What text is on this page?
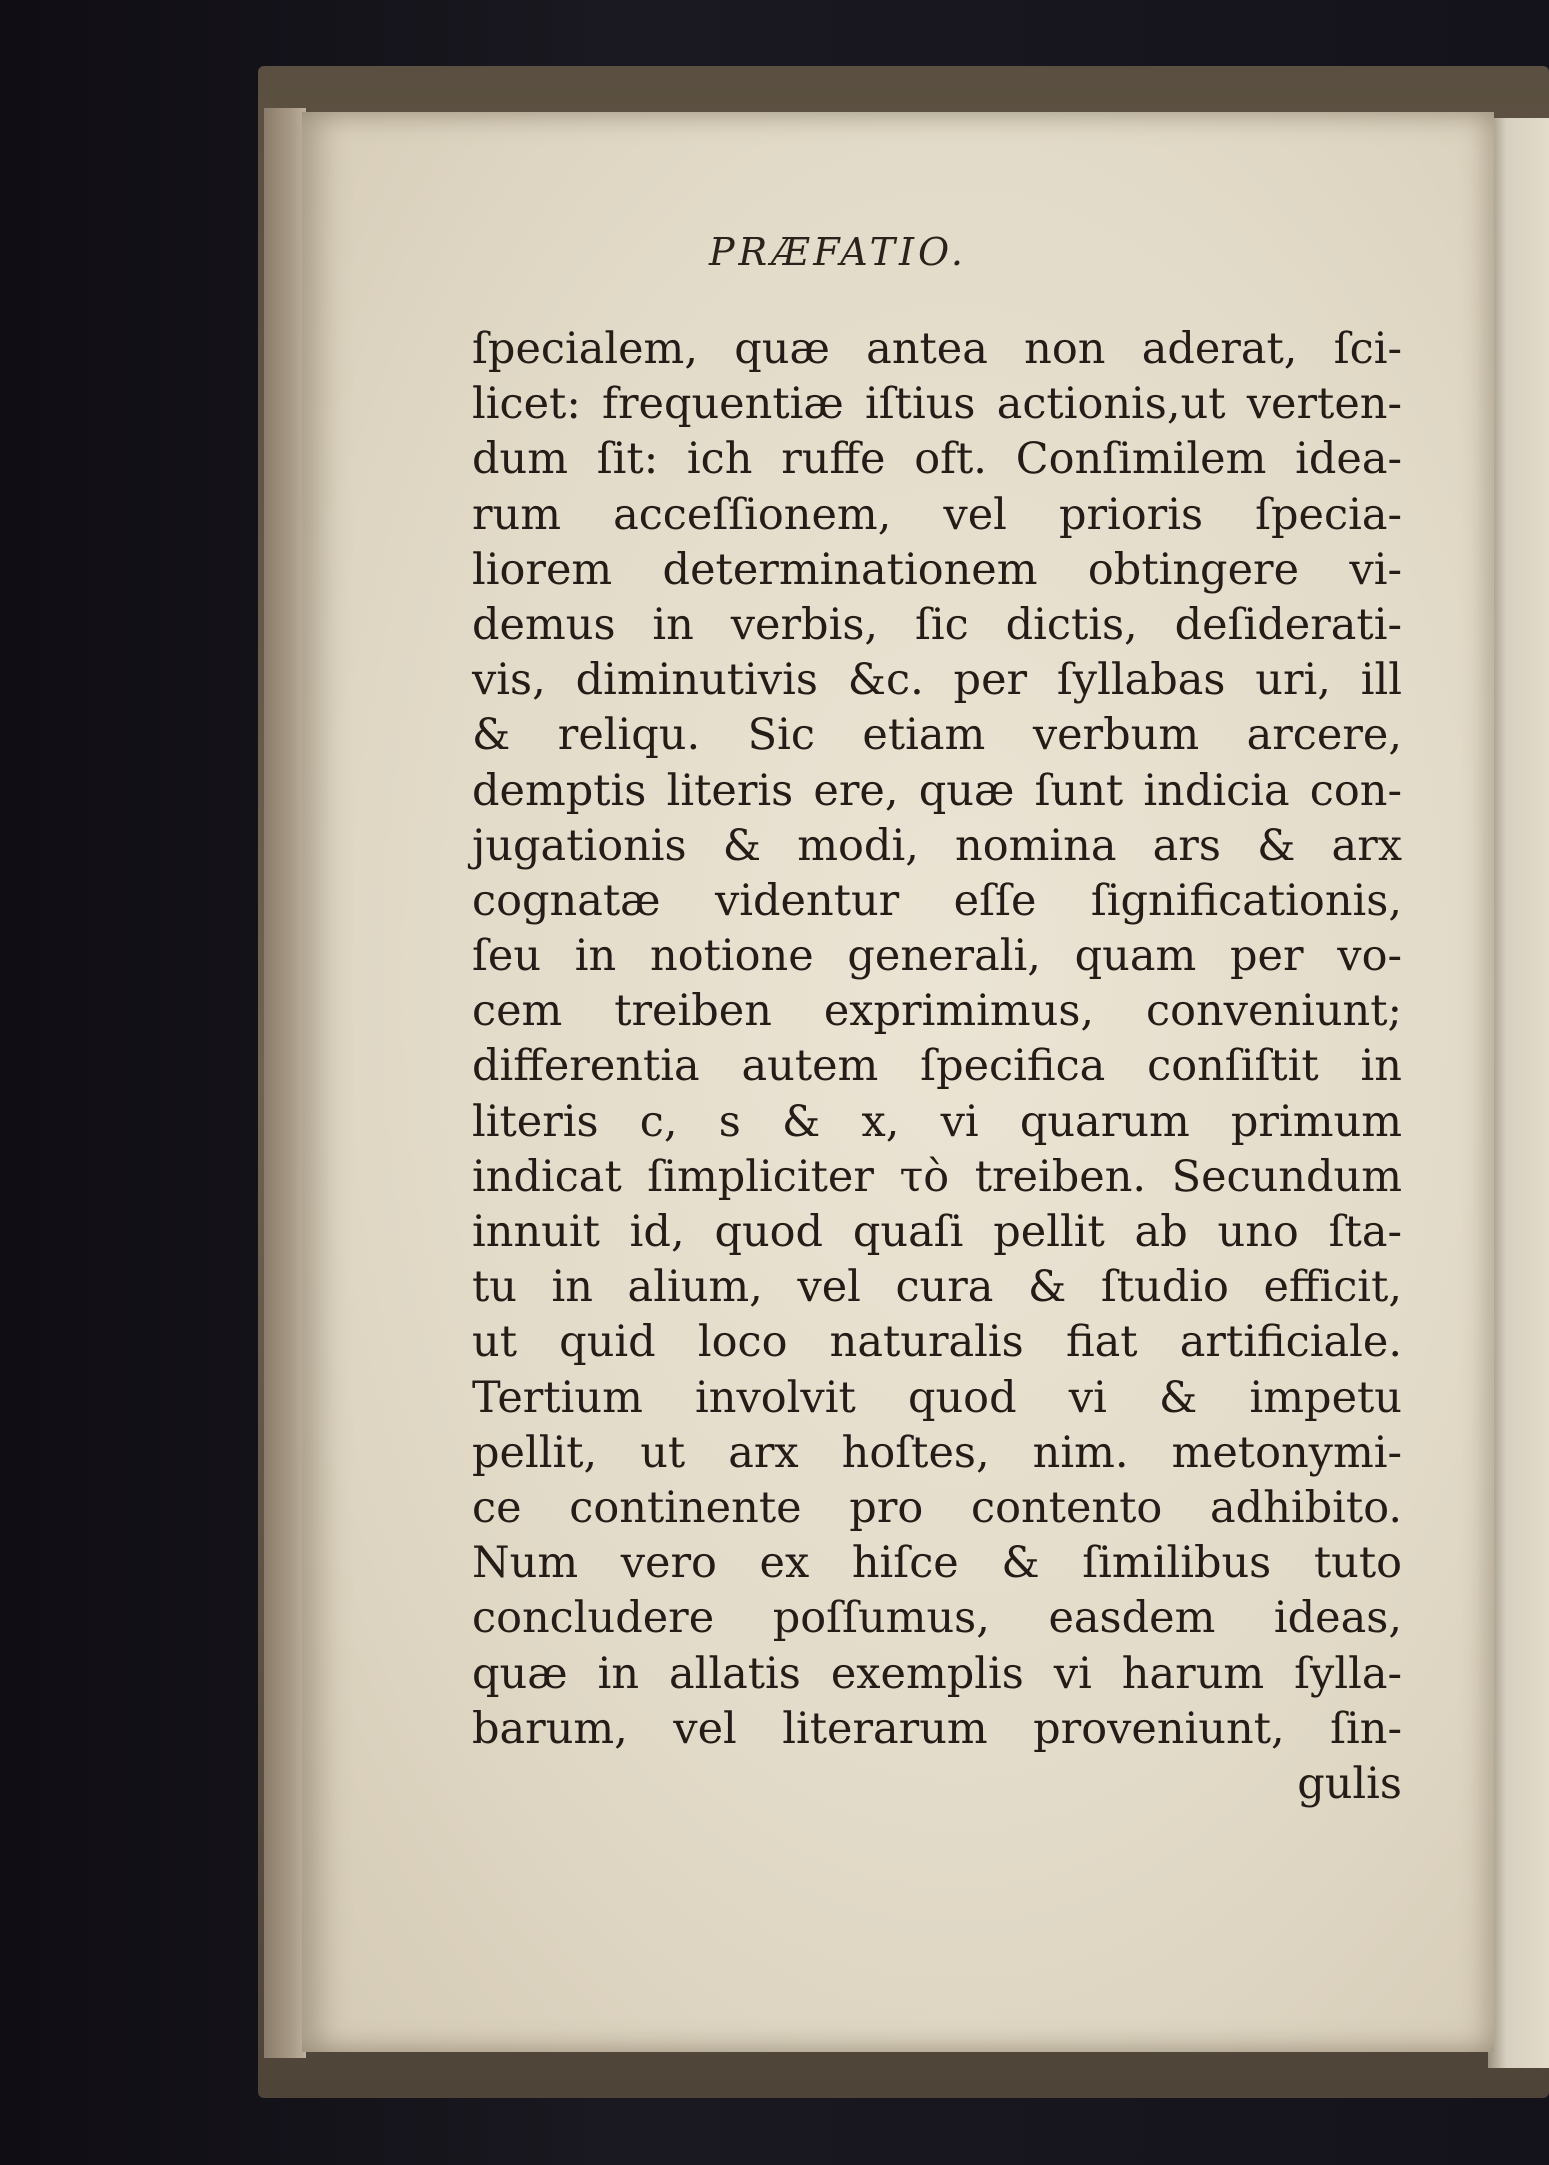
PRÆFATIO.
ſpecialem, quæ antea non aderat, ſci-
licet: frequentiæ iſtius actionis,ut verten-
dum ſit: ich ruffe oft. Conſimilem idea-
rum acceſſionem, vel prioris ſpecia-
liorem determinationem obtingere vi-
demus in verbis, ſic dictis, deſiderati-
vis, diminutivis &c. per ſyllabas uri, ill
& reliqu. Sic etiam verbum arcere,
demptis literis ere, quæ ſunt indicia con-
jugationis & modi, nomina ars & arx
cognatæ videntur eſſe ſignificationis,
ſeu in notione generali, quam per vo-
cem treiben exprimimus, conveniunt;
differentia autem ſpecifica conſiſtit in
literis c, s & x, vi quarum primum
indicat ſimpliciter τὸ treiben. Secundum
innuit id, quod quaſi pellit ab uno ſta-
tu in alium, vel cura & ſtudio efficit,
ut quid loco naturalis fiat artificiale.
Tertium involvit quod vi & impetu
pellit, ut arx hoſtes, nim. metonymi-
ce continente pro contento adhibito.
Num vero ex hiſce & ſimilibus tuto
concludere poſſumus, easdem ideas,
quæ in allatis exemplis vi harum ſylla-
barum, vel literarum proveniunt, ſin-
gulis
